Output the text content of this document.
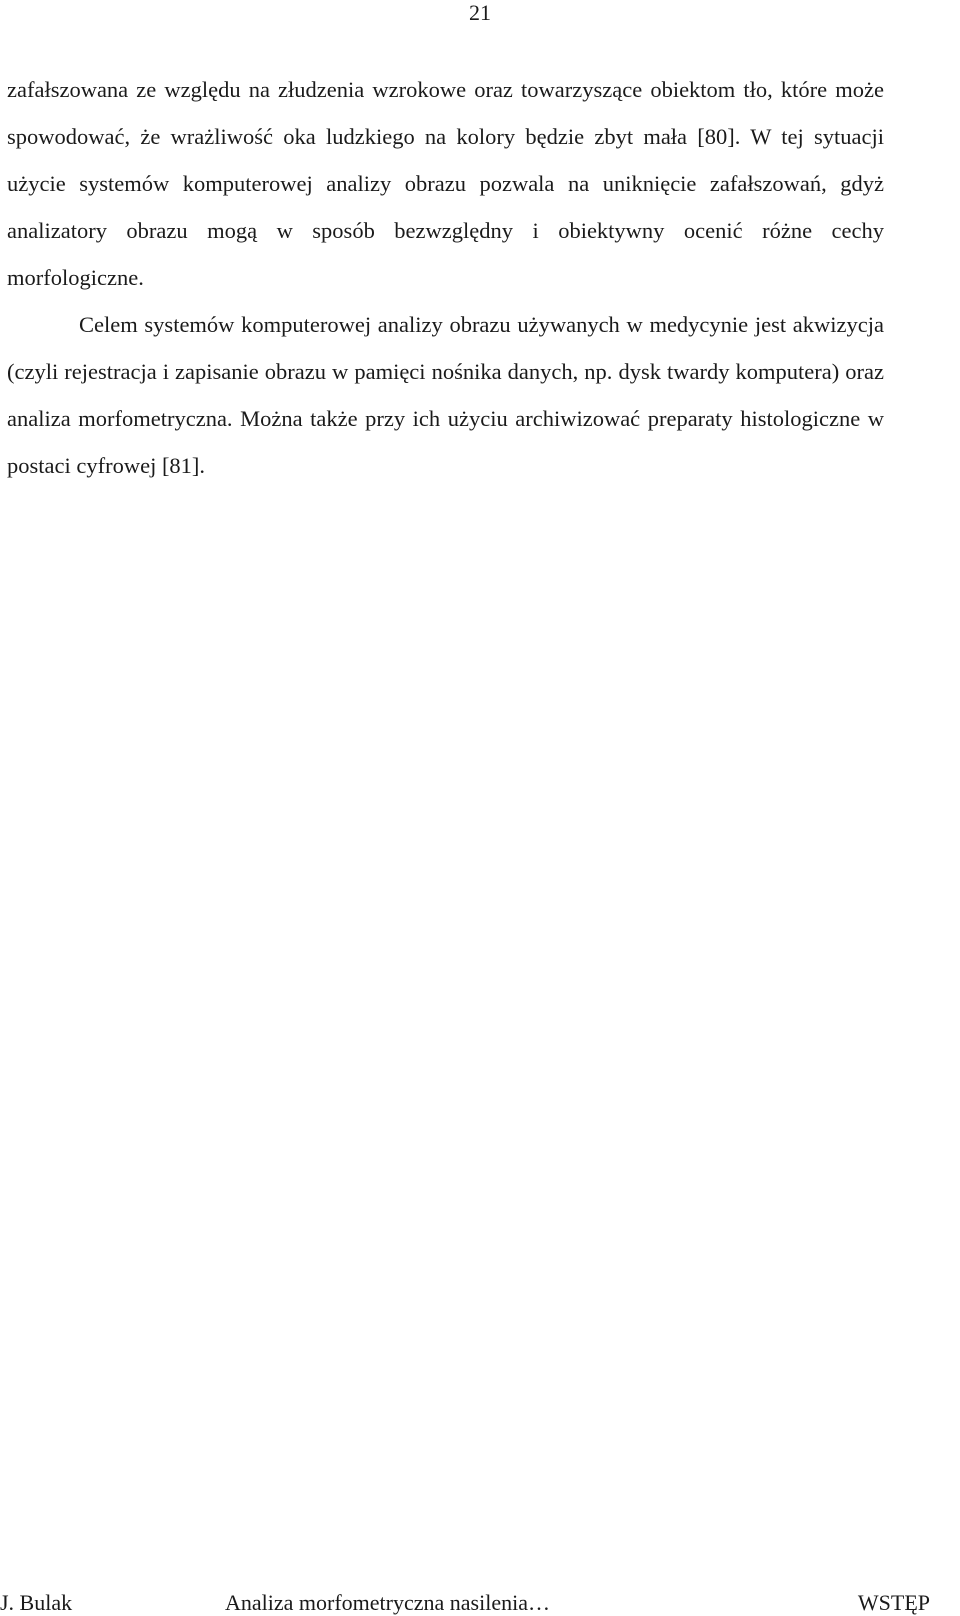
21

zafałszowana ze względu na złudzenia wzrokowe oraz towarzyszące obiektom tło, które może spowodować, że wrażliwość oka ludzkiego na kolory będzie zbyt mała [80]. W tej sytuacji użycie systemów komputerowej analizy obrazu pozwala na uniknięcie zafałszowań, gdyż analizatory obrazu mogą w sposób bezwzględny i obiektywny ocenić różne cechy morfologiczne.

Celem systemów komputerowej analizy obrazu używanych w medycynie jest akwizycja (czyli rejestracja i zapisanie obrazu w pamięci nośnika danych, np. dysk twardy komputera) oraz analiza morfometryczna. Można także przy ich użyciu archiwizować preparaty histologiczne w postaci cyfrowej [81].

J. Bulak	Analiza morfometryczna nasilenia…	WSTĘP
